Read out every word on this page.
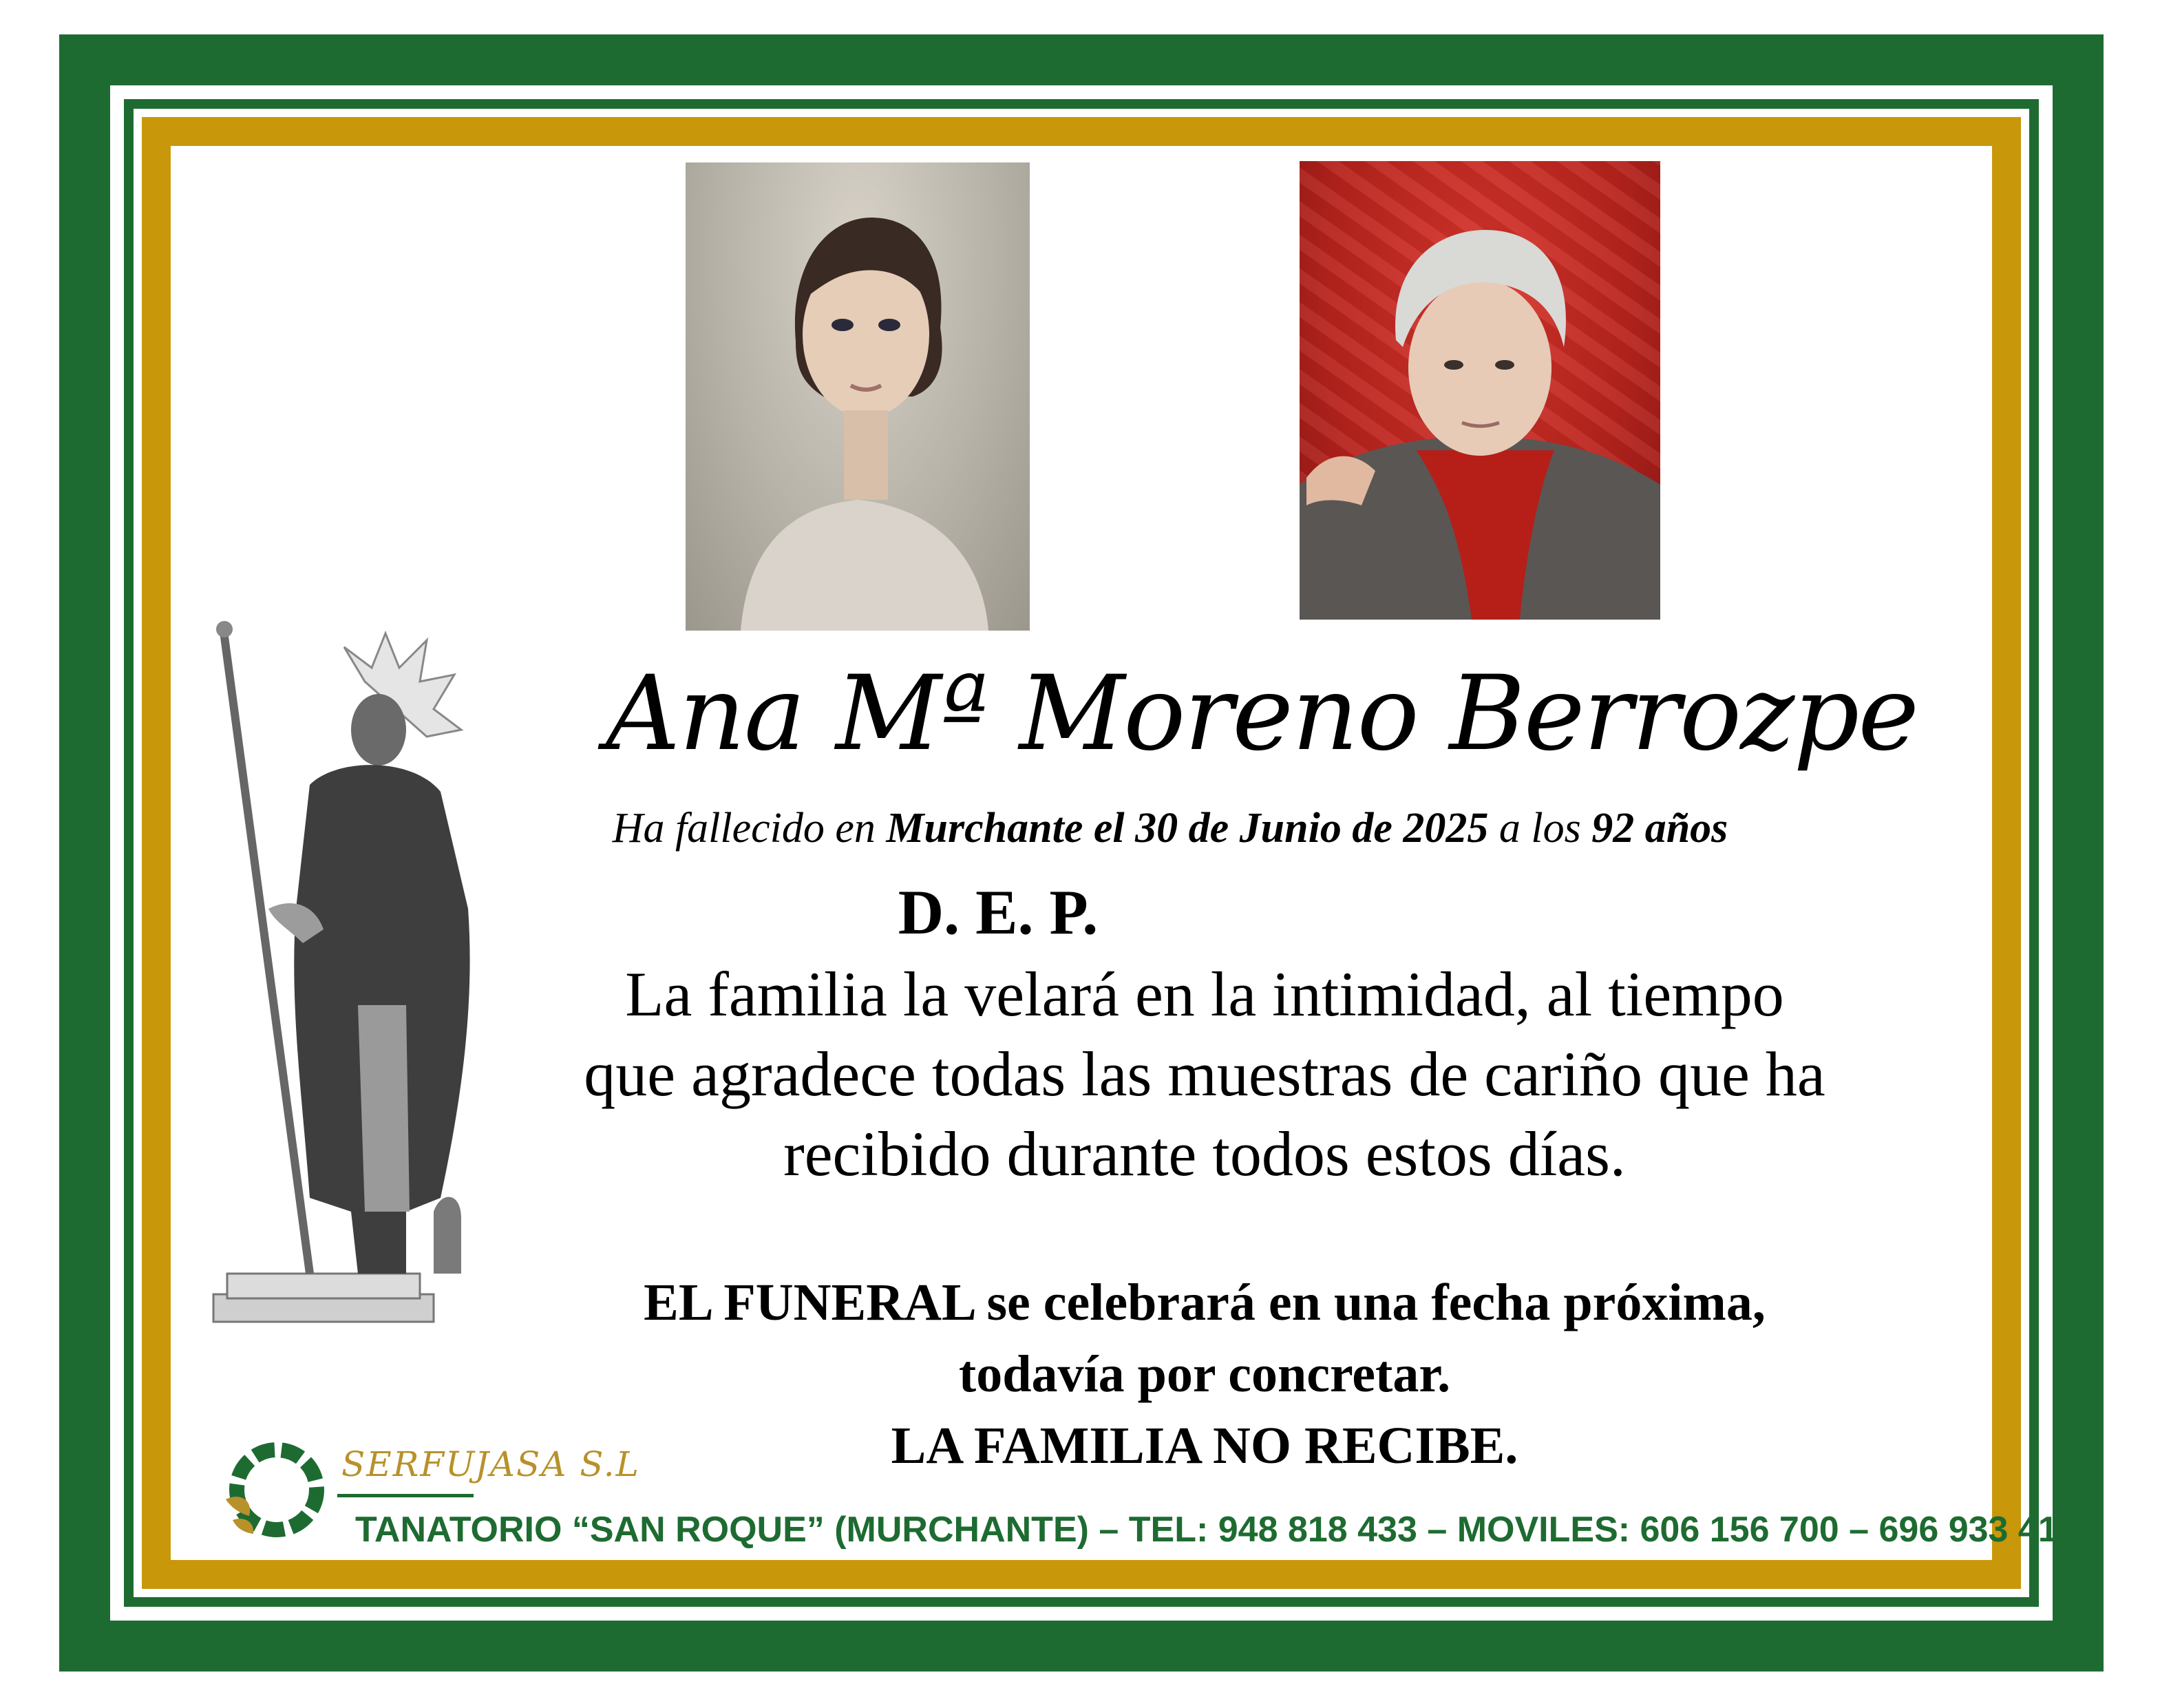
Ana Mª Moreno Berrozpe
Ha fallecido en Murchante el 30 de Junio de 2025 a los 92 años
D. E. P.
La familia la velará en la intimidad, al tiempo
que agradece todas las muestras de cariño que ha
recibido durante todos estos días.
EL FUNERAL se celebrará en una fecha próxima,
todavía por concretar.
LA FAMILIA NO RECIBE.
SERFUJASA S.L
TANATORIO “SAN ROQUE” (MURCHANTE) – TEL: 948 818 433 – MOVILES: 606 156 700 – 696 933 415
